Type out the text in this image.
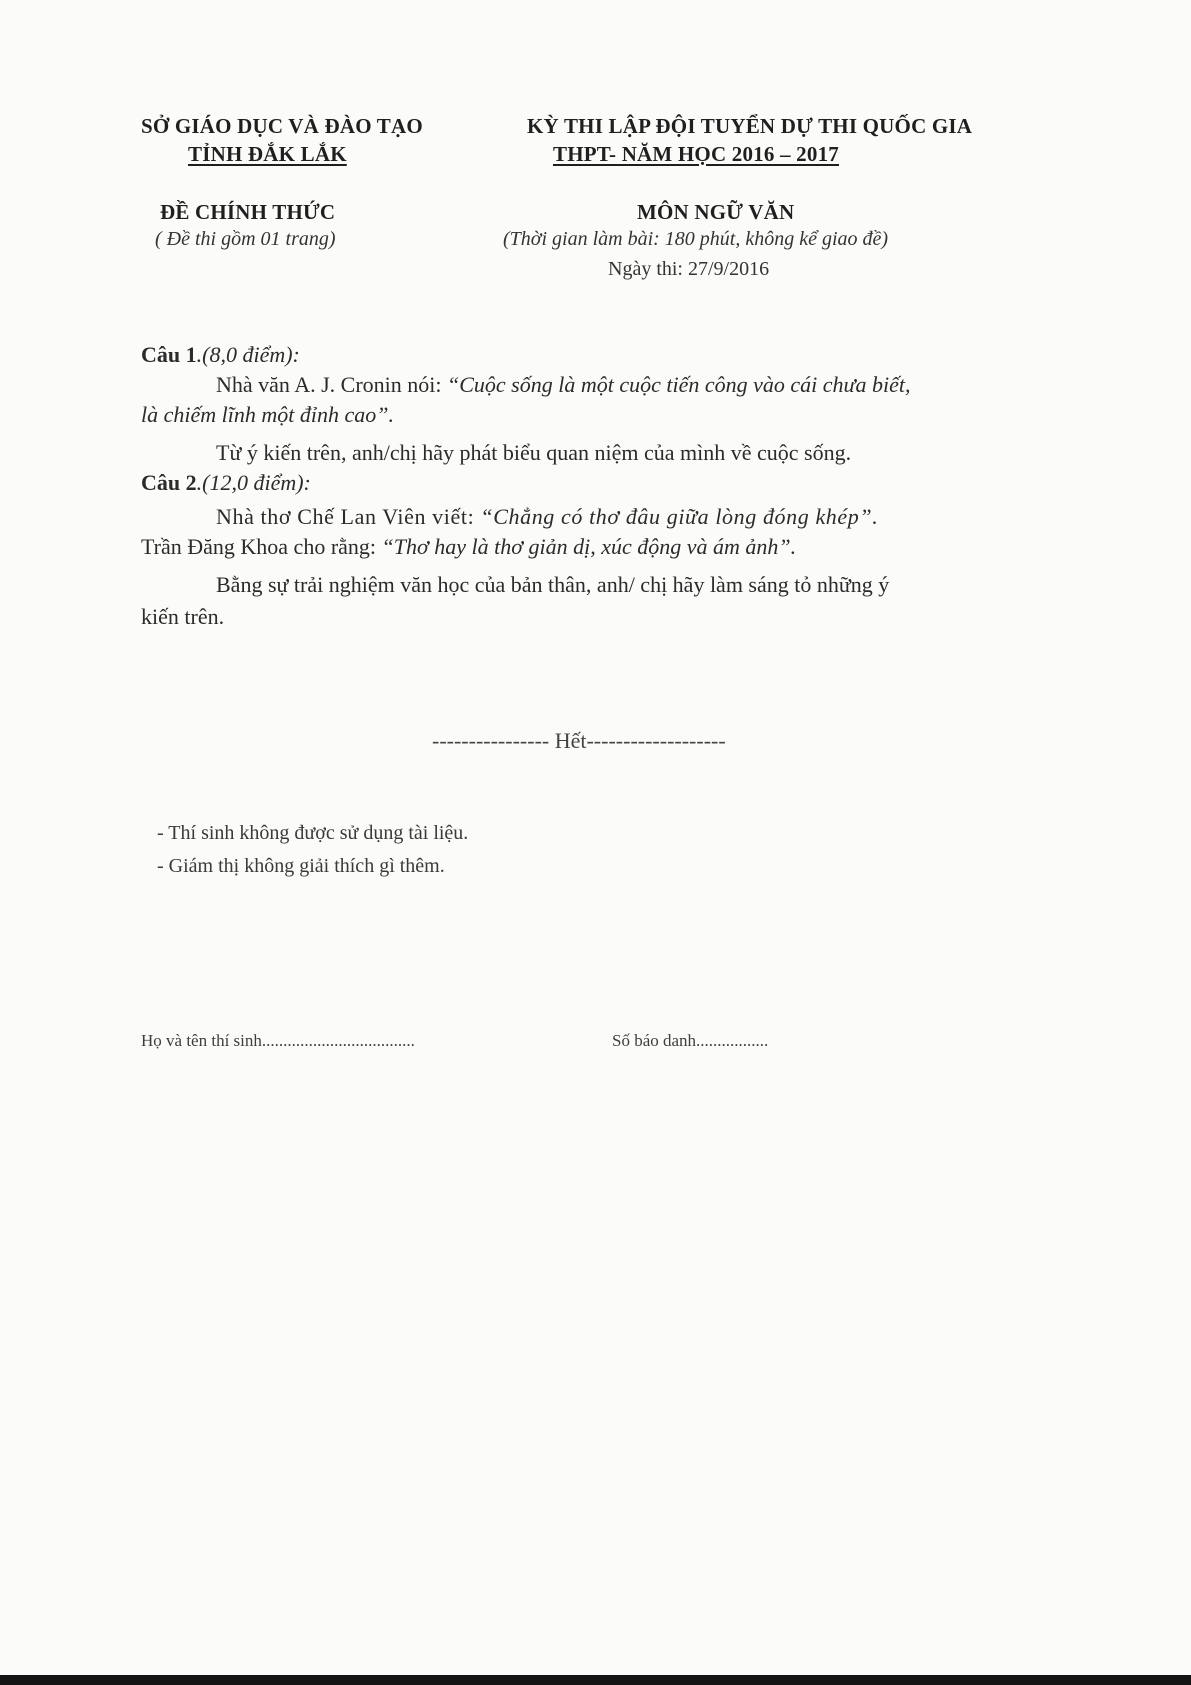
SỞ GIÁO DỤC VÀ ĐÀO TẠO
TỈNH ĐẮK LẮK
KỲ THI LẬP ĐỘI TUYỂN DỰ THI QUỐC GIA
THPT- NĂM HỌC 2016 – 2017
ĐỀ CHÍNH THỨC
( Đề thi gồm 01 trang)
MÔN NGỮ VĂN
(Thời gian làm bài: 180 phút, không kể giao đề)
Ngày thi: 27/9/2016
Câu 1.(8,0 điểm):
Nhà văn A. J. Cronin nói: “Cuộc sống là một cuộc tiến công vào cái chưa biết,
là chiếm lĩnh một đỉnh cao”.
Từ ý kiến trên, anh/chị hãy phát biểu quan niệm của mình về cuộc sống.
Câu 2.(12,0 điểm):
Nhà thơ Chế Lan Viên viết: “Chẳng có thơ đâu giữa lòng đóng khép”.
Trần Đăng Khoa cho rằng: “Thơ hay là thơ giản dị, xúc động và ám ảnh”.
Bằng sự trải nghiệm văn học của bản thân, anh/ chị hãy làm sáng tỏ những ý
kiến trên.
---------------- Hết-------------------
- Thí sinh không được sử dụng tài liệu.
- Giám thị không giải thích gì thêm.
Họ và tên thí sinh....................................	Số báo danh.................
